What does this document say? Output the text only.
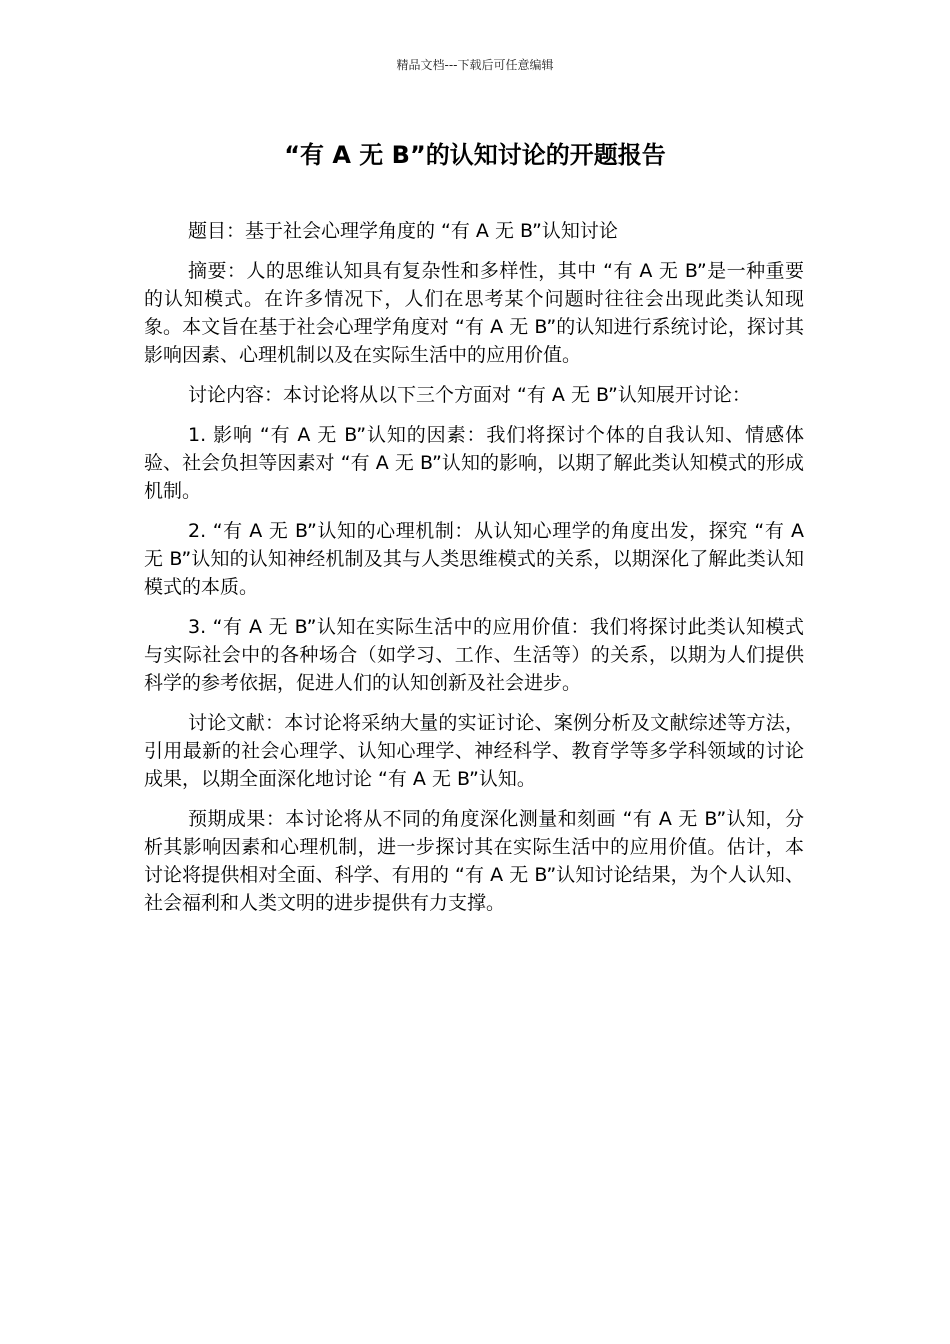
精品文档---下载后可任意编辑
“有 A 无 B”的认知讨论的开题报告

题目：基于社会心理学角度的 “有 A 无 B”认知讨论

摘要：人的思维认知具有复杂性和多样性，其中 “有 A 无 B”是一种重要的认知模式。在许多情况下，人们在思考某个问题时往往会出现此类认知现象。本文旨在基于社会心理学角度对 “有 A 无 B”的认知进行系统讨论，探讨其影响因素、心理机制以及在实际生活中的应用价值。

讨论内容：本讨论将从以下三个方面对 “有 A 无 B”认知展开讨论：

1. 影响 “有 A 无 B”认知的因素：我们将探讨个体的自我认知、情感体验、社会负担等因素对 “有 A 无 B”认知的影响，以期了解此类认知模式的形成机制。

2. “有 A 无 B”认知的心理机制：从认知心理学的角度出发，探究 “有 A 无 B”认知的认知神经机制及其与人类思维模式的关系，以期深化了解此类认知模式的本质。

3. “有 A 无 B”认知在实际生活中的应用价值：我们将探讨此类认知模式与实际社会中的各种场合（如学习、工作、生活等）的关系，以期为人们提供科学的参考依据，促进人们的认知创新及社会进步。

讨论文献：本讨论将采纳大量的实证讨论、案例分析及文献综述等方法，引用最新的社会心理学、认知心理学、神经科学、教育学等多学科领域的讨论成果，以期全面深化地讨论 “有 A 无 B”认知。

预期成果：本讨论将从不同的角度深化测量和刻画 “有 A 无 B”认知，分析其影响因素和心理机制，进一步探讨其在实际生活中的应用价值。估计，本讨论将提供相对全面、科学、有用的 “有 A 无 B”认知讨论结果，为个人认知、社会福利和人类文明的进步提供有力支撑。
